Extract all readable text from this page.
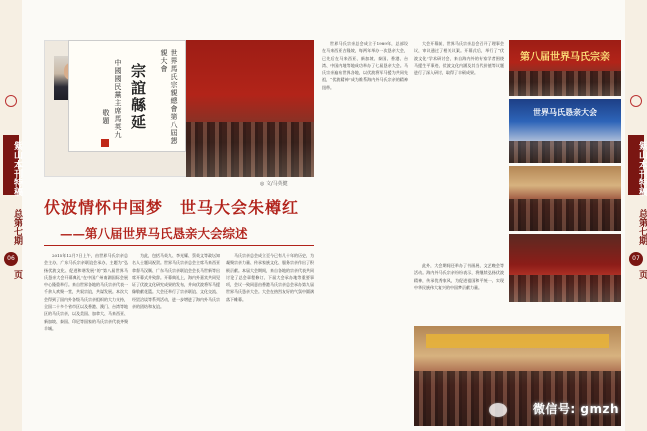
紫山
本刊特稿
总第七期
06
页
紫山
本刊特稿
总第七期
07
页
世界馬氏宗親總會第八屆懇親大會
宗誼緜延
中國國民黨主席馬英九
敬題
◎ 文/马英健
伏波情怀中国梦　世马大会朱樽红
——第八届世界马氏恳亲大会综述

2015年12月7日上午，由世界马氏宗亲总会主办，广东马氏宗亲联谊会承办，主题为“弘扬伏波文化、促进和谐发展”的“第八届世界马氏恳亲大会开幕典礼”在中国广州南湖国际会展中心隆重举行。来自世界各地的马氏宗亲代表一千余人欢聚一堂，共叙宗谊，共谋发展。本次大会得到了国内外各级马氏宗亲组织的大力支持，全国二十多个省市区以及香港、澳门、台湾等地区的马氏宗亲，以及美国、加拿大、马来西亚、新加坡、泰国、印尼等国家的马氏宗亲代表齐聚羊城。

为此，包括马英九、李光耀、蔡英文等政坛知名人士题词祝贺。世界马氏宗亲总会主席马来西亚拿督马汉顺、广东马氏宗亲联谊会会长马世新等出席开幕式并致辞。开幕典礼上，海内外嘉宾共同见证了伏波文化研究成果的发布，并向伏波将军马援像敬献花篮。大会还举行了宗亲联谊、文化交流、经贸洽谈等系列活动，进一步增进了海内外马氏宗亲的团结和友谊。

马氏宗亲总会成立至今已有几十年的历史，为凝聚宗亲力量、传承家族文化、服务宗亲作出了积极贡献。本届大会期间，来自各地的宗亲代表共同讨论了总会章程修订、下届大会承办地等重要事项，会议一致同意由香港马氏宗亲总会承办第九届世界马氏恳亲大会。大会在热烈友好的气氛中圆满落下帷幕。

世界马氏宗亲总会成立于1989年，总部设在马来西亚吉隆坡，每两年举办一次恳亲大会，已先后在马来西亚、新加坡、泰国、香港、台湾、中国内地等地成功举办了七届恳亲大会。马氏宗亲遍布世界各地，以伏波将军马援为共同先祖，“伏波精神”成为维系海内外马氏宗亲的精神纽带。

大会开幕前，世界马氏宗亲总会召开了理事会议，审议通过了相关议案。开幕式后，举行了“伏波文化”学术研讨会，来自海内外的专家学者围绕马援生平事迹、伏波文化内涵及其当代价值等议题进行了深入研讨，取得了丰硕成果。

此外，大会期间还举办了书画展、文艺晚会等活动。海内外马氏宗亲纷纷表示，将继续弘扬伏波精神，传承优秀家风，为促进祖国和平统一、实现中华民族伟大复兴的中国梦贡献力量。

第八届世界马氏宗亲
世界马氏恳亲大会
微信号: gmzh
